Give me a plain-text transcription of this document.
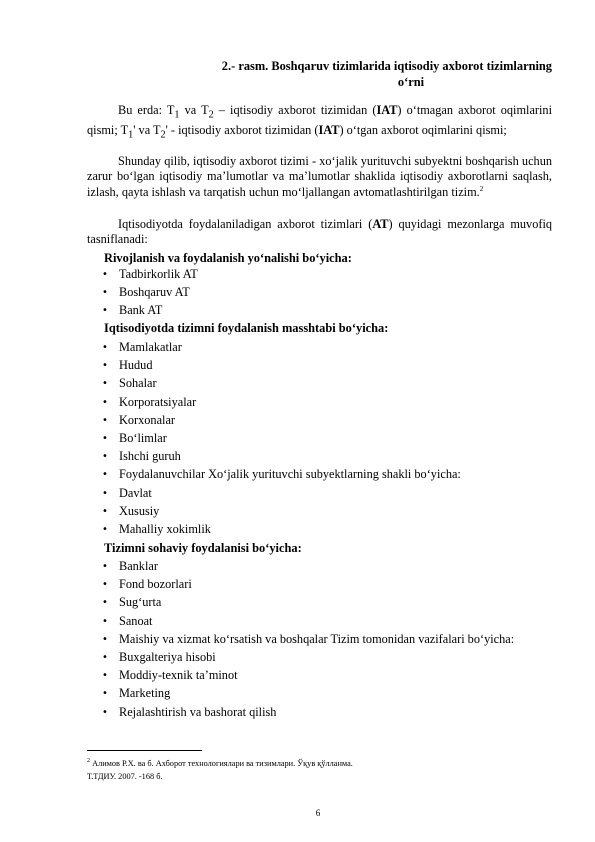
2.- rasm. Boshqaruv tizimlarida iqtisodiy axborot tizimlarning
o‘rni

Bu erda: $T_1$ va $T_2$ – iqtisodiy axborot tizimidan (IAT) o‘tmagan axborot oqimlarini qismi; $T_1'$ va $T_2'$ - iqtisodiy axborot tizimidan (IAT) o‘tgan axborot oqimlarini qismi;

Shunday qilib, iqtisodiy axborot tizimi - xo‘jalik yurituvchi subyektni boshqarish uchun zarur bo‘lgan iqtisodiy ma’lumotlar va ma’lumotlar shaklida iqtisodiy axborotlarni saqlash, izlash, qayta ishlash va tarqatish uchun mo‘ljallangan avtomatlashtirilgan tizim.$^2$

Iqtisodiyotda foydalaniladigan axborot tizimlari (AT) quyidagi mezonlarga muvofiq tasniflanadi:

Rivojlanish va foydalanish yo‘nalishi bo‘yicha:
• Tadbirkorlik AT
• Boshqaruv AT
• Bank AT
Iqtisodiyotda tizimni foydalanish masshtabi bo‘yicha:
• Mamlakatlar
• Hudud
• Sohalar
• Korporatsiyalar
• Korxonalar
• Bo‘limlar
• Ishchi guruh
• Foydalanuvchilar Xo‘jalik yurituvchi subyektlarning shakli bo‘yicha:
• Davlat
• Xususiy
• Mahalliy xokimlik
Tizimni sohaviy foydalanisi bo‘yicha:
• Banklar
• Fond bozorlari
• Sug‘urta
• Sanoat
• Maishiy va xizmat ko‘rsatish va boshqalar Tizim tomonidan vazifalari bo‘yicha:
• Buxgalteriya hisobi
• Moddiy-texnik ta’minot
• Marketing
• Rejalashtirish va bashorat qilish
$^2$ Алимов Р.Х. ва б. Ахборот технологиялари ва тизимлари. Ўқув қўлланма.
Т.ТДИУ. 2007. -168 б.
6
